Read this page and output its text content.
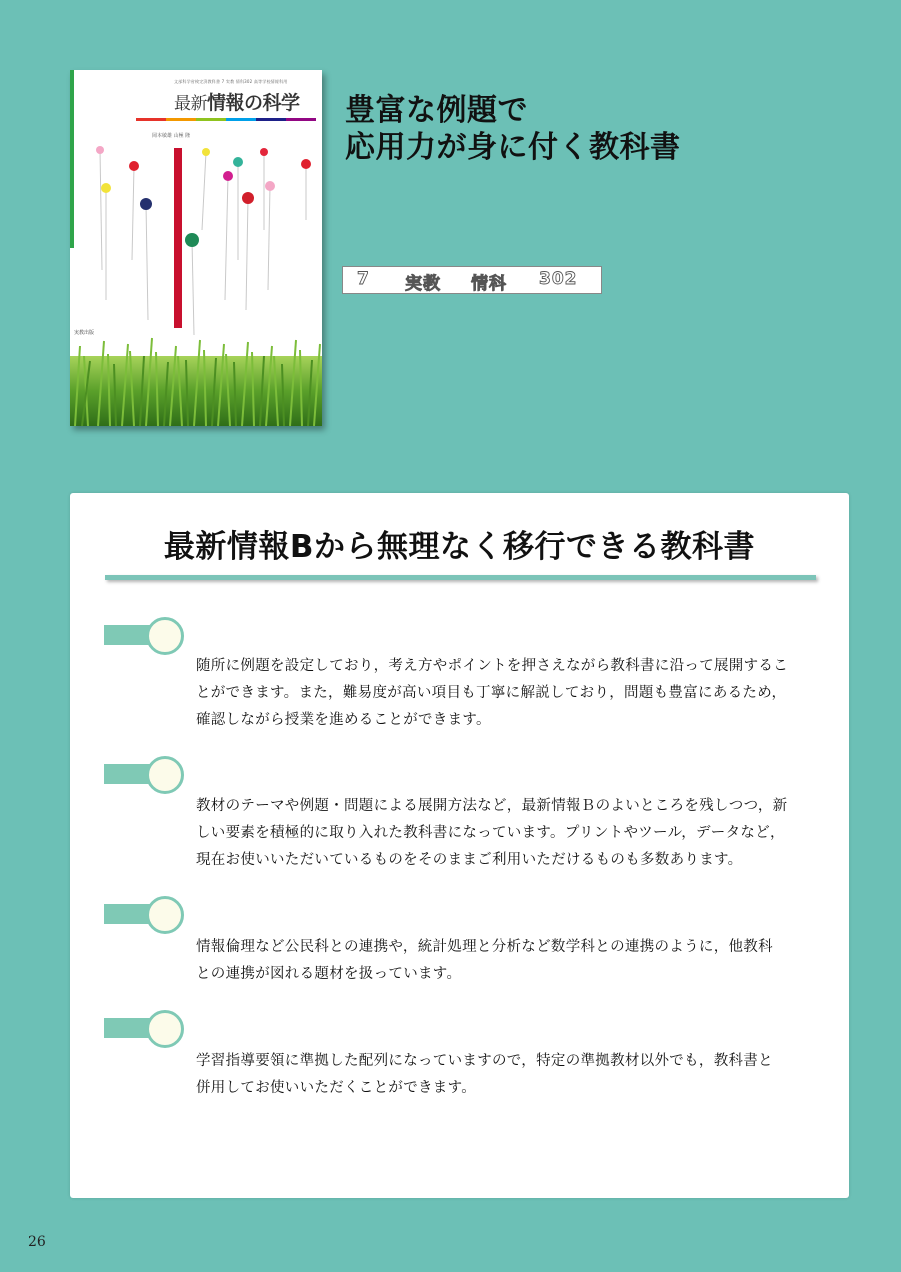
文部科学省検定済教科書 7 実教 情科302 高等学校情報科用
最新情報の科学
岡本敏雄 山極 隆
実教出版
豊富な例題で
応用力が身に付く教科書
7 実教 情科 302
最新情報Bから無理なく移行できる教科書
随所に例題を設定しており，考え方やポイントを押さえながら教科書に沿って展開するこ
とができます。また，難易度が高い項目も丁寧に解説しており，問題も豊富にあるため，
確認しながら授業を進めることができます。
教材のテーマや例題・問題による展開方法など，最新情報Ｂのよいところを残しつつ，新
しい要素を積極的に取り入れた教科書になっています。プリントやツール，データなど，
現在お使いいただいているものをそのままご利用いただけるものも多数あります。
情報倫理など公民科との連携や，統計処理と分析など数学科との連携のように，他教科
との連携が図れる題材を扱っています。
学習指導要領に準拠した配列になっていますので，特定の準拠教材以外でも，教科書と
併用してお使いいただくことができます。
26
